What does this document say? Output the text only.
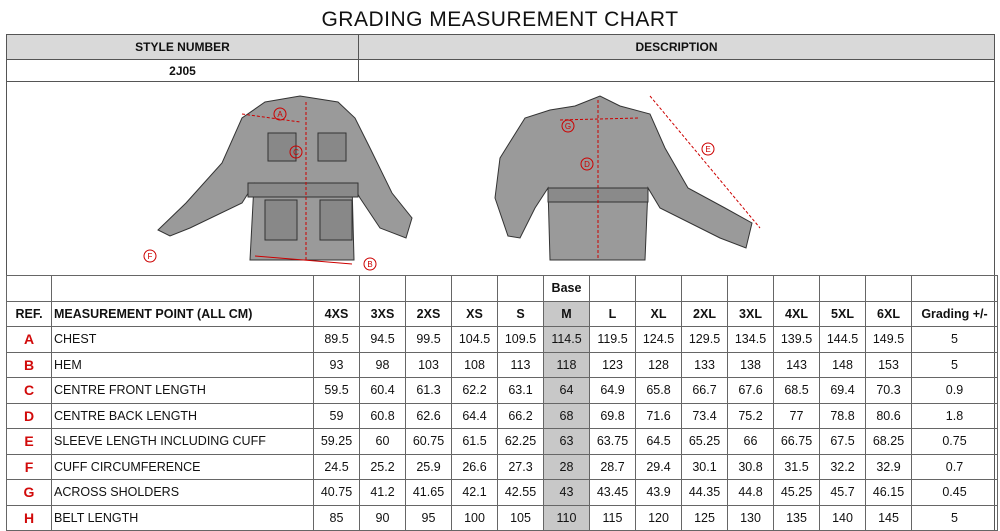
GRADING MEASUREMENT CHART
STYLE NUMBER	DESCRIPTION
2J05
A
C
F
B
G
D
E
							Base								
REF.	MEASUREMENT POINT (ALL CM)	4XS	3XS	2XS	XS	S	M	L	XL	2XL	3XL	4XL	5XL	6XL	Grading +/-
A	CHEST	89.5	94.5	99.5	104.5	109.5	114.5	119.5	124.5	129.5	134.5	139.5	144.5	149.5	5
B	HEM	93	98	103	108	113	118	123	128	133	138	143	148	153	5
C	CENTRE FRONT LENGTH	59.5	60.4	61.3	62.2	63.1	64	64.9	65.8	66.7	67.6	68.5	69.4	70.3	0.9
D	CENTRE BACK LENGTH	59	60.8	62.6	64.4	66.2	68	69.8	71.6	73.4	75.2	77	78.8	80.6	1.8
E	SLEEVE LENGTH INCLUDING CUFF	59.25	60	60.75	61.5	62.25	63	63.75	64.5	65.25	66	66.75	67.5	68.25	0.75
F	CUFF CIRCUMFERENCE	24.5	25.2	25.9	26.6	27.3	28	28.7	29.4	30.1	30.8	31.5	32.2	32.9	0.7
G	ACROSS SHOLDERS	40.75	41.2	41.65	42.1	42.55	43	43.45	43.9	44.35	44.8	45.25	45.7	46.15	0.45
H	BELT LENGTH	85	90	95	100	105	110	115	120	125	130	135	140	145	5
